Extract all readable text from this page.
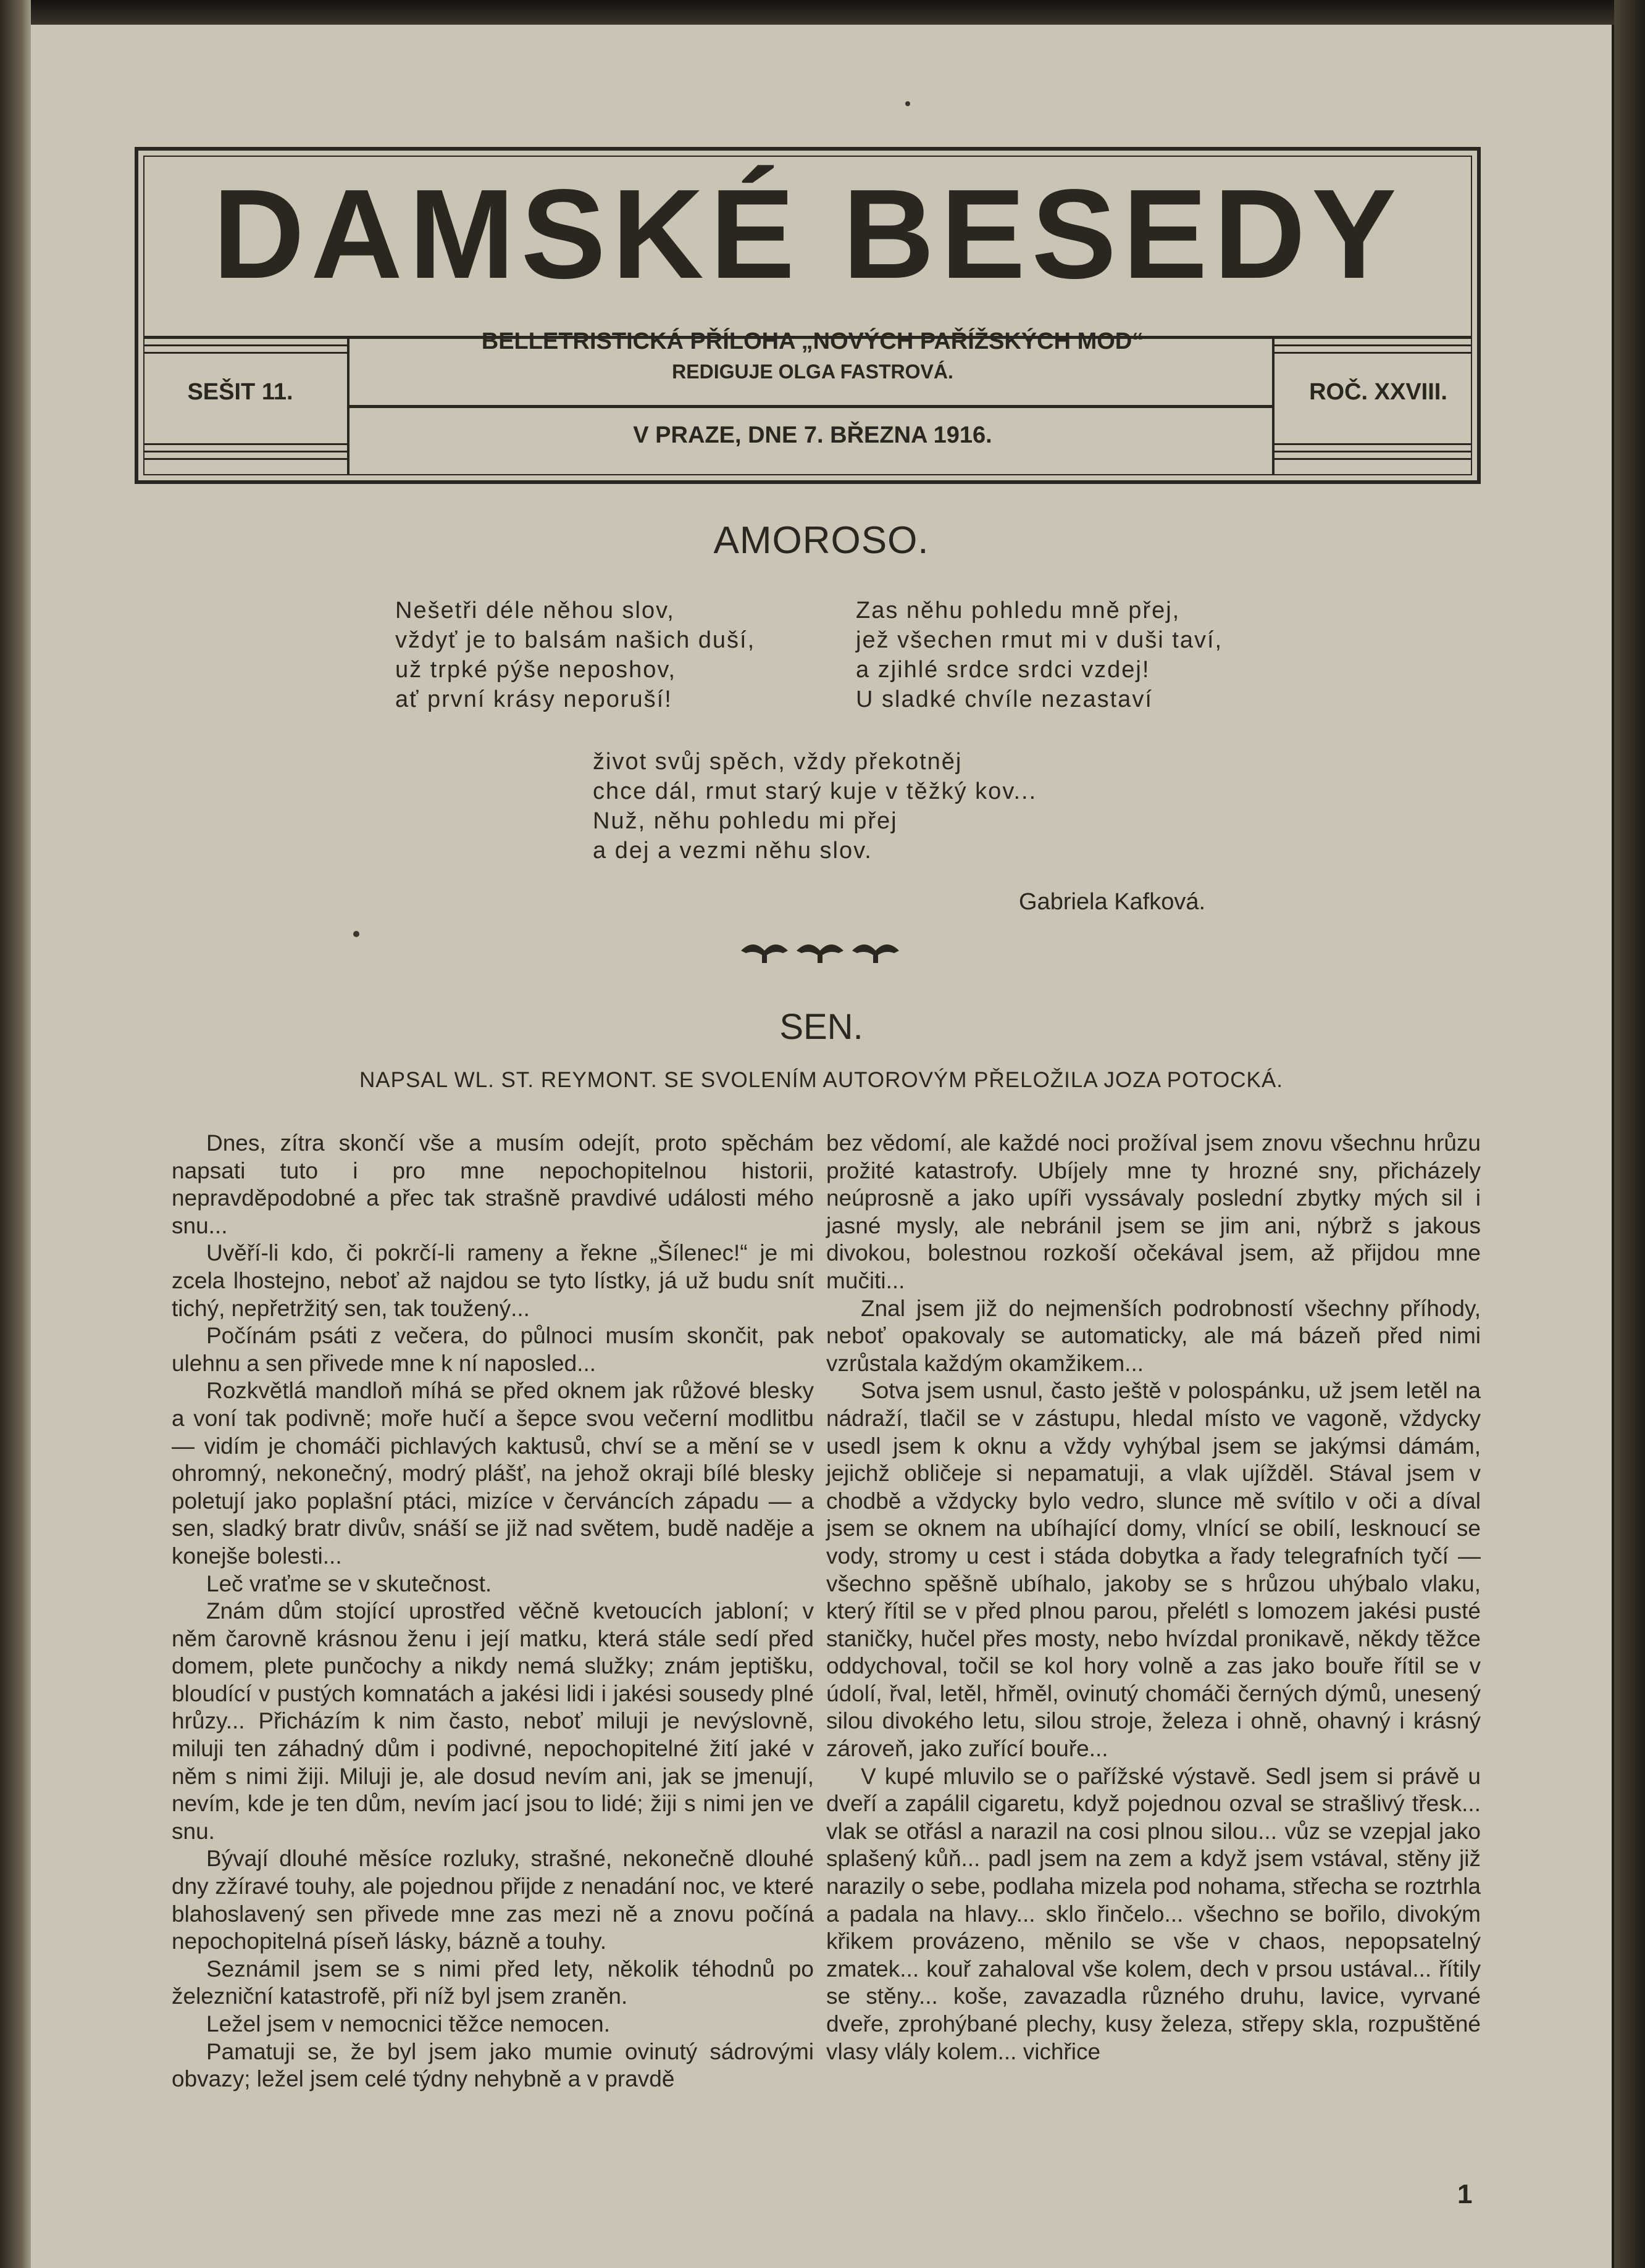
DAMSKÉ BESEDY
BELLETRISTICKÁ PŘÍLOHA „NOVÝCH PAŘÍŽSKÝCH MOD“
REDIGUJE OLGA FASTROVÁ.
SEŠIT 11.	ROČ. XXVIII.
V PRAZE, DNE 7. BŘEZNA 1916.
AMOROSO.
Nešetři déle něhou slov,
vždyť je to balsám našich duší,
už trpké pýše neposhov,
ať první krásy neporuší!
Zas něhu pohledu mně přej,
jež všechen rmut mi v duši taví,
a zjihlé srdce srdci vzdej!
U sladké chvíle nezastaví
život svůj spěch, vždy překotněj
chce dál, rmut starý kuje v těžký kov...
Nuž, něhu pohledu mi přej
a dej a vezmi něhu slov.
Gabriela Kafková.
SEN.
NAPSAL WL. ST. REYMONT. SE SVOLENÍM AUTOROVÝM PŘELOŽILA JOZA POTOCKÁ.

Dnes, zítra skončí vše a musím odejít, proto spěchám napsati tuto i pro mne nepochopitelnou historii, nepravděpodobné a přec tak strašně pravdivé události mého snu...

Uvěří-li kdo, či pokrčí-li rameny a řekne „Šílenec!“ je mi zcela lhostejno, neboť až najdou se tyto lístky, já už budu snít tichý, nepřetržitý sen, tak toužený...

Počínám psáti z večera, do půlnoci musím skončit, pak ulehnu a sen přivede mne k ní naposled...

Rozkvětlá mandloň míhá se před oknem jak růžové blesky a voní tak podivně; moře hučí a šepce svou večerní modlitbu — vidím je chomáči pichlavých kaktusů, chví se a mění se v ohromný, nekonečný, modrý plášť, na jehož okraji bílé blesky poletují jako poplašní ptáci, mizíce v červáncích západu — a sen, sladký bratr divův, snáší se již nad světem, budě naděje a konejše bolesti...

Leč vraťme se v skutečnost.

Znám dům stojící uprostřed věčně kvetoucích jabloní; v něm čarovně krásnou ženu i její matku, která stále sedí před domem, plete punčochy a nikdy nemá služky; znám jeptišku, bloudící v pustých komnatách a jakési lidi i jakési sousedy plné hrůzy... Přicházím k nim často, neboť miluji je nevýslovně, miluji ten záhadný dům i podivné, nepochopitelné žití jaké v něm s nimi žiji. Miluji je, ale dosud nevím ani, jak se jmenují, nevím, kde je ten dům, nevím jací jsou to lidé; žiji s nimi jen ve snu.

Bývají dlouhé měsíce rozluky, strašné, nekonečně dlouhé dny zžíravé touhy, ale pojednou přijde z nenadání noc, ve které blahoslavený sen přivede mne zas mezi ně a znovu počíná nepochopitelná píseň lásky, bázně a touhy.

Seznámil jsem se s nimi před lety, několik téhodnů po železniční katastrofě, při níž byl jsem zraněn.

Ležel jsem v nemocnici těžce nemocen.

Pamatuji se, že byl jsem jako mumie ovinutý sádrovými obvazy; ležel jsem celé týdny nehybně a v pravdě

bez vědomí, ale každé noci prožíval jsem znovu všechnu hrůzu prožité katastrofy. Ubíjely mne ty hrozné sny, přicházely neúprosně a jako upíři vyssávaly poslední zbytky mých sil i jasné mysly, ale nebránil jsem se jim ani, nýbrž s jakous divokou, bolestnou rozkoší očekával jsem, až přijdou mne mučiti...

Znal jsem již do nejmenších podrobností všechny příhody, neboť opakovaly se automaticky, ale má bázeň před nimi vzrůstala každým okamžikem...

Sotva jsem usnul, často ještě v polospánku, už jsem letěl na nádraží, tlačil se v zástupu, hledal místo ve vagoně, vždycky usedl jsem k oknu a vždy vyhýbal jsem se jakýmsi dámám, jejichž obličeje si nepamatuji, a vlak ujížděl. Stával jsem v chodbě a vždycky bylo vedro, slunce mě svítilo v oči a díval jsem se oknem na ubíhající domy, vlnící se obilí, lesknoucí se vody, stromy u cest i stáda dobytka a řady telegrafních tyčí — všechno spěšně ubíhalo, jakoby se s hrůzou uhýbalo vlaku, který řítil se v před plnou parou, přelétl s lomozem jakési pusté staničky, hučel přes mosty, nebo hvízdal pronikavě, někdy těžce oddychoval, točil se kol hory volně a zas jako bouře řítil se v údolí, řval, letěl, hřměl, ovinutý chomáči černých dýmů, unesený silou divokého letu, silou stroje, železa i ohně, ohavný i krásný zároveň, jako zuřící bouře...

V kupé mluvilo se o pařížské výstavě. Sedl jsem si právě u dveří a zapálil cigaretu, když pojednou ozval se strašlivý třesk... vlak se otřásl a narazil na cosi plnou silou... vůz se vzepjal jako splašený kůň... padl jsem na zem a když jsem vstával, stěny již narazily o sebe, podlaha mizela pod nohama, střecha se roztrhla a padala na hlavy... sklo řinčelo... všechno se bořilo, divokým křikem provázeno, měnilo se vše v chaos, nepopsatelný zmatek... kouř zahaloval vše kolem, dech v prsou ustával... řítily se stěny... koše, zavazadla různého druhu, lavice, vyrvané dveře, zprohýbané plechy, kusy železa, střepy skla, rozpuštěné vlasy vlály kolem... vichřice

1
